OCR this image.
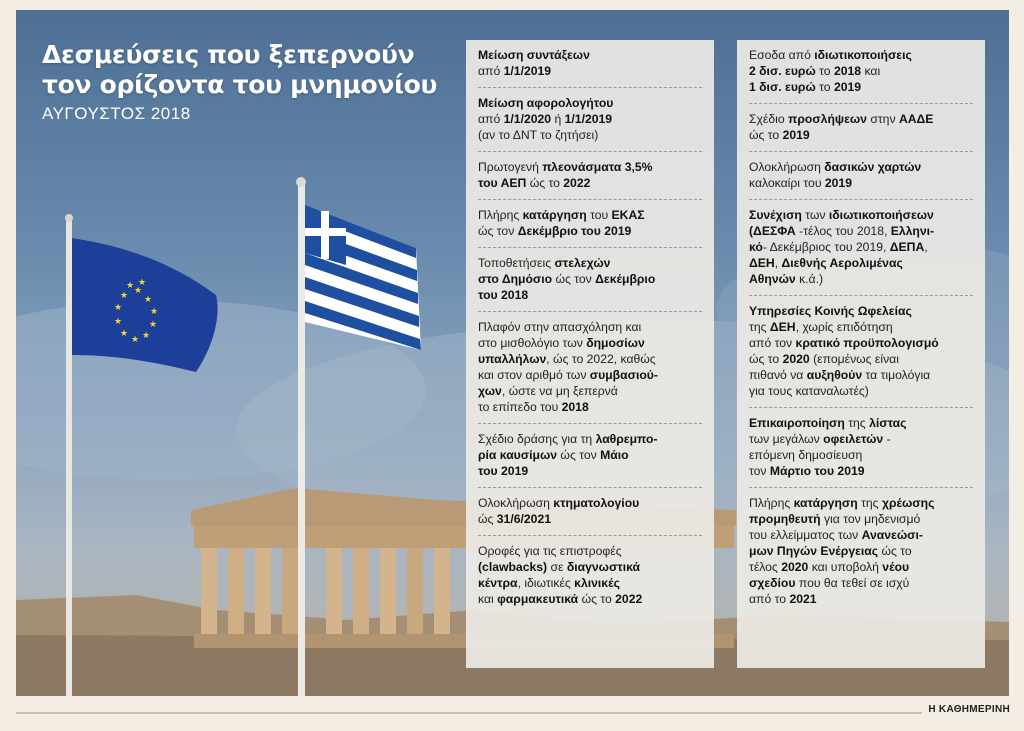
★
★
★
★
★
★
★
★
★
★
★ ★
Δεσμεύσεις που ξεπερνούν
τον ορίζοντα του μνημονίου
ΑΥΓΟΥΣΤΟΣ 2018
Μείωση συντάξεων
από 1/1/2019
Μείωση αφορολογήτου
από 1/1/2020 ή 1/1/2019
(αν το ΔΝΤ το ζητήσει)
Πρωτογενή πλεονάσματα 3,5%
του ΑΕΠ ώς το 2022
Πλήρης κατάργηση του ΕΚΑΣ
ώς τον Δεκέμβριο του 2019
Τοποθετήσεις στελεχών
στο Δημόσιο ώς τον Δεκέμβριο
του 2018
Πλαφόν στην απασχόληση και
στο μισθολόγιο των δημοσίων
υπαλλήλων, ώς το 2022, καθώς
και στον αριθμό των συμβασιού-
χων, ώστε να μη ξεπερνά
το επίπεδο του 2018
Σχέδιο δράσης για τη λαθρεμπο-
ρία καυσίμων ώς τον Μάιο
του 2019
Ολοκλήρωση κτηματολογίου
ώς 31/6/2021
Οροφές για τις επιστροφές
(clawbacks) σε διαγνωστικά
κέντρα, ιδιωτικές κλινικές
και φαρμακευτικά ώς το 2022
Εσοδα από ιδιωτικοποιήσεις
2 δισ. ευρώ το 2018 και
1 δισ. ευρώ το 2019
Σχέδιο προσλήψεων στην ΑΑΔΕ
ώς το 2019
Ολοκλήρωση δασικών χαρτών
καλοκαίρι του 2019
Συνέχιση των ιδιωτικοποιήσεων
(ΔΕΣΦΑ -τέλος του 2018, Ελληνι-
κό- Δεκέμβριος του 2019, ΔΕΠΑ,
ΔΕΗ, Διεθνής Αερολιμένας
Αθηνών κ.ά.)
Υπηρεσίες Κοινής Ωφελείας
της ΔΕΗ, χωρίς επιδότηση
από τον κρατικό προϋπολογισμό
ώς το 2020 (επομένως είναι
πιθανό να αυξηθούν τα τιμολόγια
για τους καταναλωτές)
Επικαιροποίηση της λίστας
των μεγάλων οφειλετών -
επόμενη δημοσίευση
τον Μάρτιο του 2019
Πλήρης κατάργηση της χρέωσης
προμηθευτή για τον μηδενισμό
του ελλείμματος των Ανανεώσι-
μων Πηγών Ενέργειας ώς το
τέλος 2020 και υποβολή νέου
σχεδίου που θα τεθεί σε ισχύ
από το 2021
Η ΚΑΘΗΜΕΡΙΝΗ
